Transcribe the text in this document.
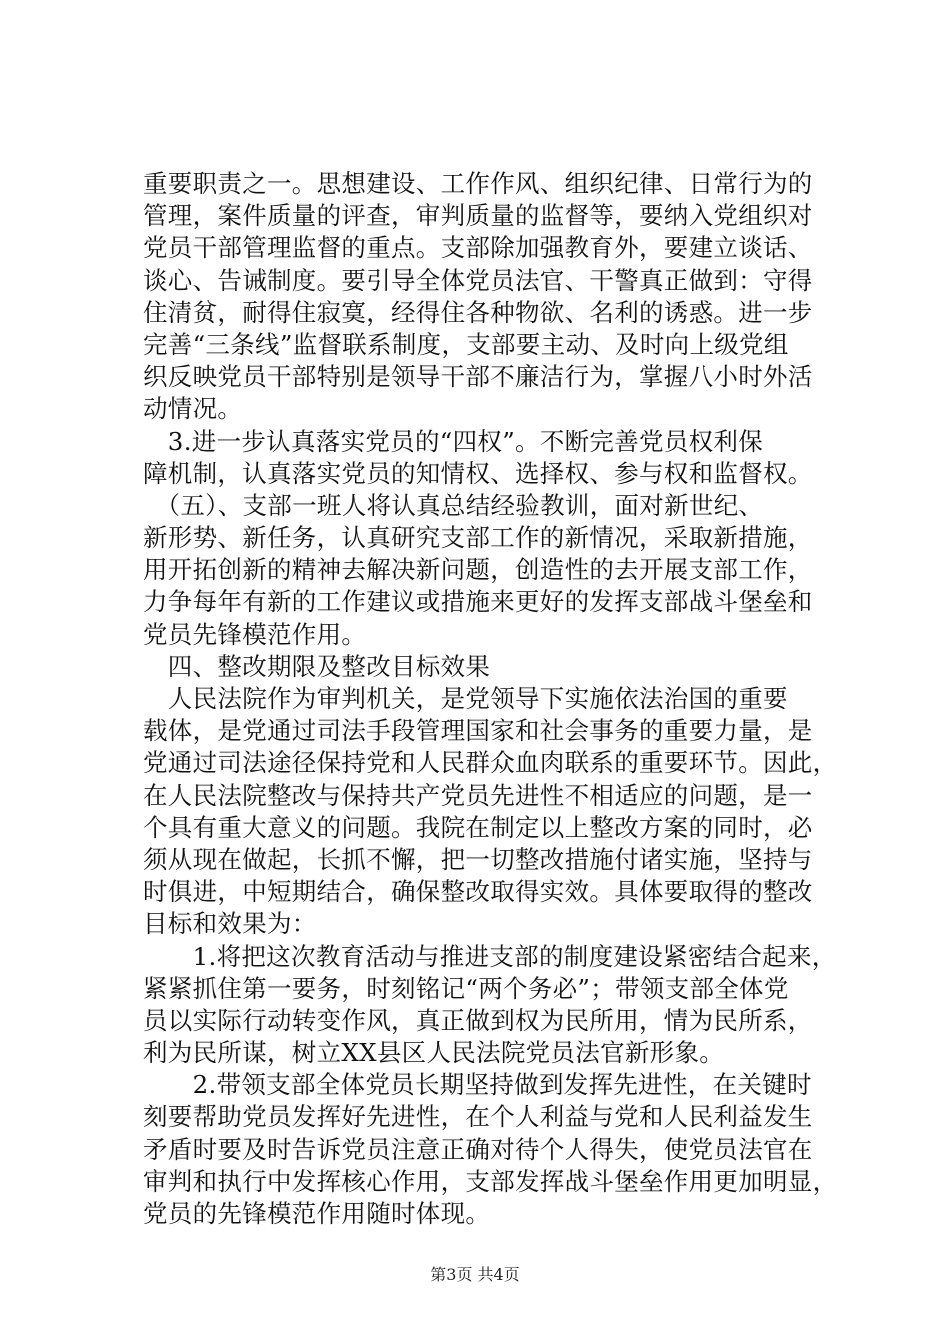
重要职责之一。思想建设、工作作风、组织纪律、日常行为的
管理，案件质量的评查，审判质量的监督等，要纳入党组织对
党员干部管理监督的重点。支部除加强教育外，要建立谈话、
谈心、告诫制度。要引导全体党员法官、干警真正做到：守得
住清贫，耐得住寂寞，经得住各种物欲、名利的诱惑。进一步
完善“三条线”监督联系制度，支部要主动、及时向上级党组
织反映党员干部特别是领导干部不廉洁行为，掌握八小时外活
动情况。
　3.进一步认真落实党员的“四权”。不断完善党员权利保
障机制，认真落实党员的知情权、选择权、参与权和监督权。
　（五）、支部一班人将认真总结经验教训，面对新世纪、
新形势、新任务，认真研究支部工作的新情况，采取新措施，
用开拓创新的精神去解决新问题，创造性的去开展支部工作，
力争每年有新的工作建议或措施来更好的发挥支部战斗堡垒和
党员先锋模范作用。
　四、整改期限及整改目标效果
　人民法院作为审判机关，是党领导下实施依法治国的重要
载体，是党通过司法手段管理国家和社会事务的重要力量，是
党通过司法途径保持党和人民群众血肉联系的重要环节。因此，
在人民法院整改与保持共产党员先进性不相适应的问题，是一
个具有重大意义的问题。我院在制定以上整改方案的同时，必
须从现在做起，长抓不懈，把一切整改措施付诸实施，坚持与
时俱进，中短期结合，确保整改取得实效。具体要取得的整改
目标和效果为：
　　1.将把这次教育活动与推进支部的制度建设紧密结合起来，
紧紧抓住第一要务，时刻铭记“两个务必”；带领支部全体党
员以实际行动转变作风，真正做到权为民所用，情为民所系，
利为民所谋，树立XX县区人民法院党员法官新形象。
　　2.带领支部全体党员长期坚持做到发挥先进性，在关键时
刻要帮助党员发挥好先进性，在个人利益与党和人民利益发生
矛盾时要及时告诉党员注意正确对待个人得失，使党员法官在
审判和执行中发挥核心作用，支部发挥战斗堡垒作用更加明显，
党员的先锋模范作用随时体现。
第3页 共4页
